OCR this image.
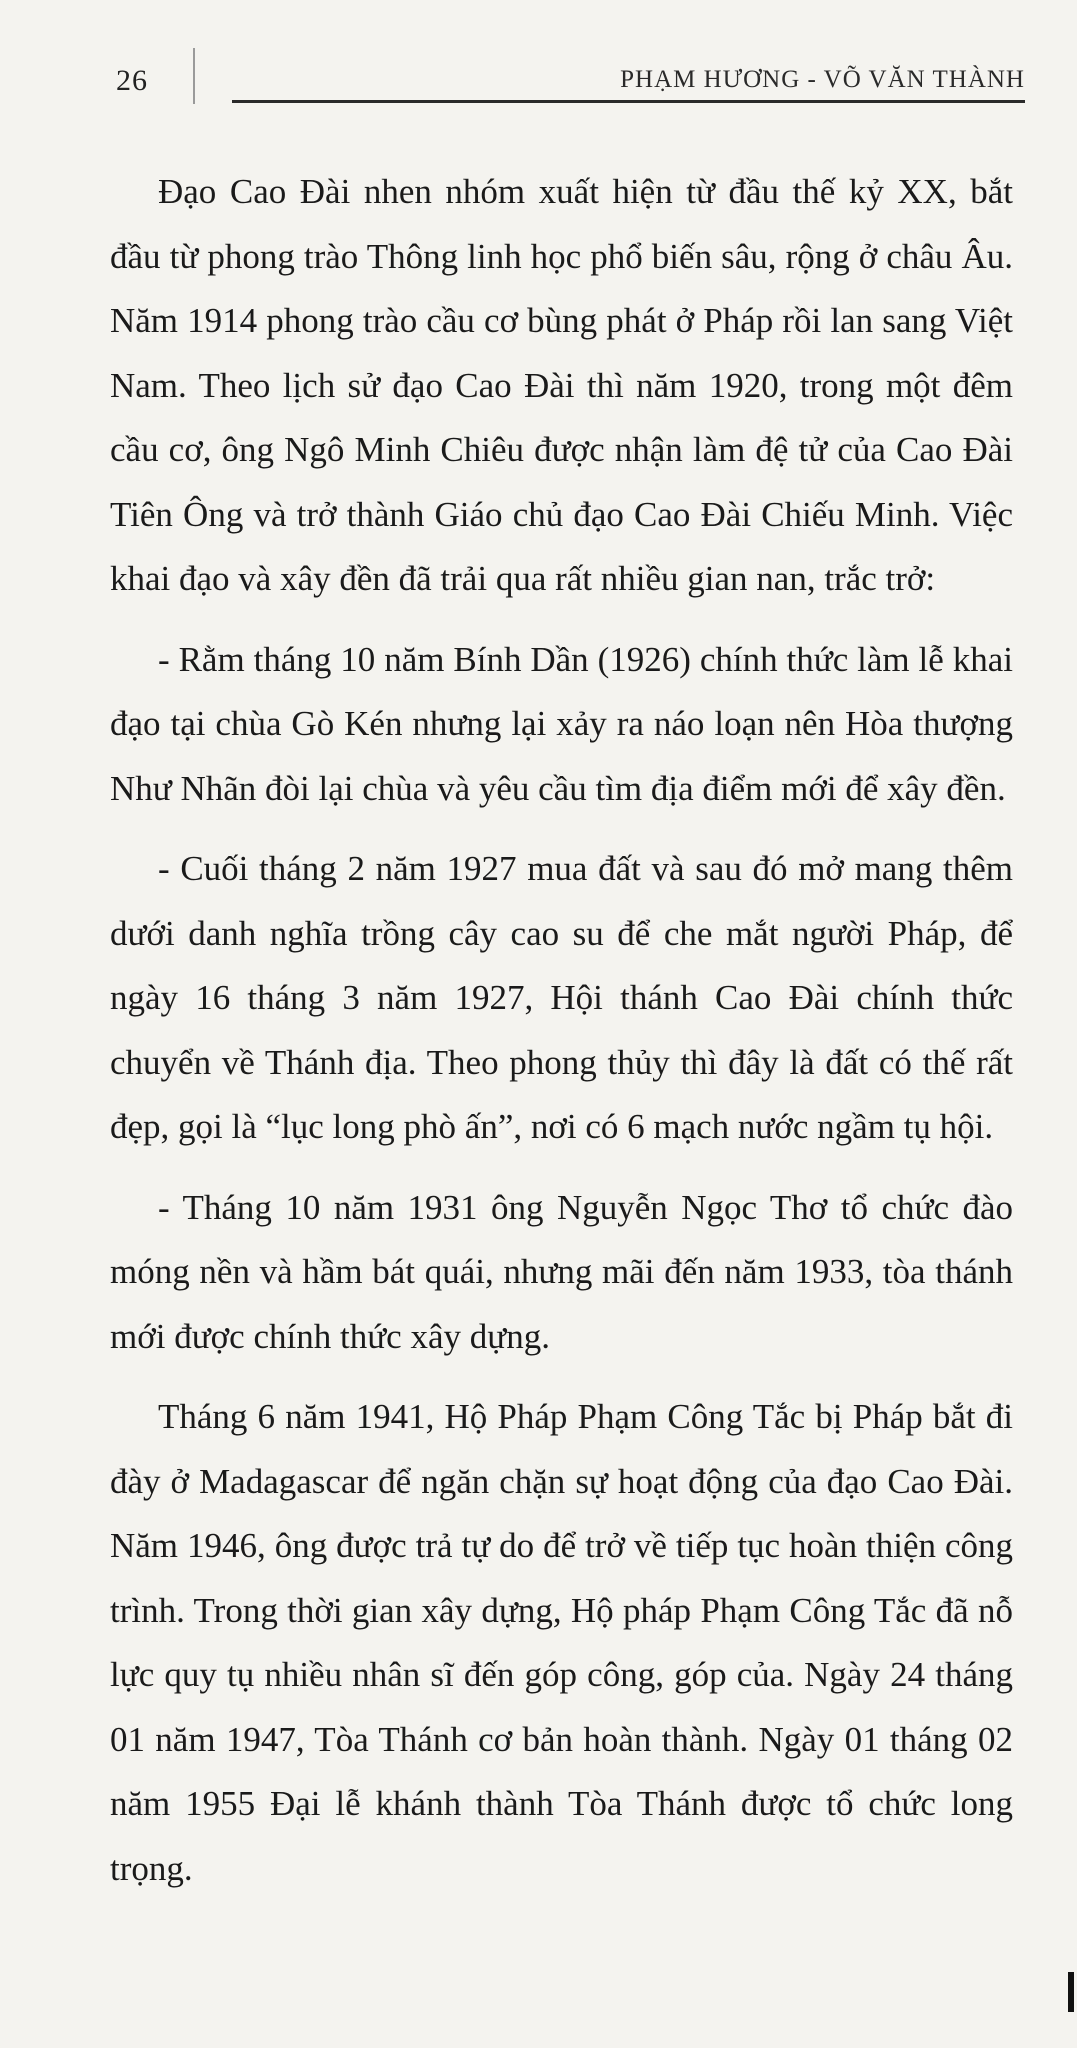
26	PHẠM HƯƠNG - VÕ VĂN THÀNH

Đạo Cao Đài nhen nhóm xuất hiện từ đầu thế kỷ XX, bắt đầu từ phong trào Thông linh học phổ biến sâu, rộng ở châu Âu. Năm 1914 phong trào cầu cơ bùng phát ở Pháp rồi lan sang Việt Nam. Theo lịch sử đạo Cao Đài thì năm 1920, trong một đêm cầu cơ, ông Ngô Minh Chiêu được nhận làm đệ tử của Cao Đài Tiên Ông và trở thành Giáo chủ đạo Cao Đài Chiếu Minh. Việc khai đạo và xây đền đã trải qua rất nhiều gian nan, trắc trở:

- Rằm tháng 10 năm Bính Dần (1926) chính thức làm lễ khai đạo tại chùa Gò Kén nhưng lại xảy ra náo loạn nên Hòa thượng Như Nhãn đòi lại chùa và yêu cầu tìm địa điểm mới để xây đền.

- Cuối tháng 2 năm 1927 mua đất và sau đó mở mang thêm dưới danh nghĩa trồng cây cao su để che mắt người Pháp, để ngày 16 tháng 3 năm 1927, Hội thánh Cao Đài chính thức chuyển về Thánh địa. Theo phong thủy thì đây là đất có thế rất đẹp, gọi là “lục long phò ấn”, nơi có 6 mạch nước ngầm tụ hội.

- Tháng 10 năm 1931 ông Nguyễn Ngọc Thơ tổ chức đào móng nền và hầm bát quái, nhưng mãi đến năm 1933, tòa thánh mới được chính thức xây dựng.

Tháng 6 năm 1941, Hộ Pháp Phạm Công Tắc bị Pháp bắt đi đày ở Madagascar để ngăn chặn sự hoạt động của đạo Cao Đài. Năm 1946, ông được trả tự do để trở về tiếp tục hoàn thiện công trình. Trong thời gian xây dựng, Hộ pháp Phạm Công Tắc đã nỗ lực quy tụ nhiều nhân sĩ đến góp công, góp của. Ngày 24 tháng 01 năm 1947, Tòa Thánh cơ bản hoàn thành. Ngày 01 tháng 02 năm 1955 Đại lễ khánh thành Tòa Thánh được tổ chức long trọng.
